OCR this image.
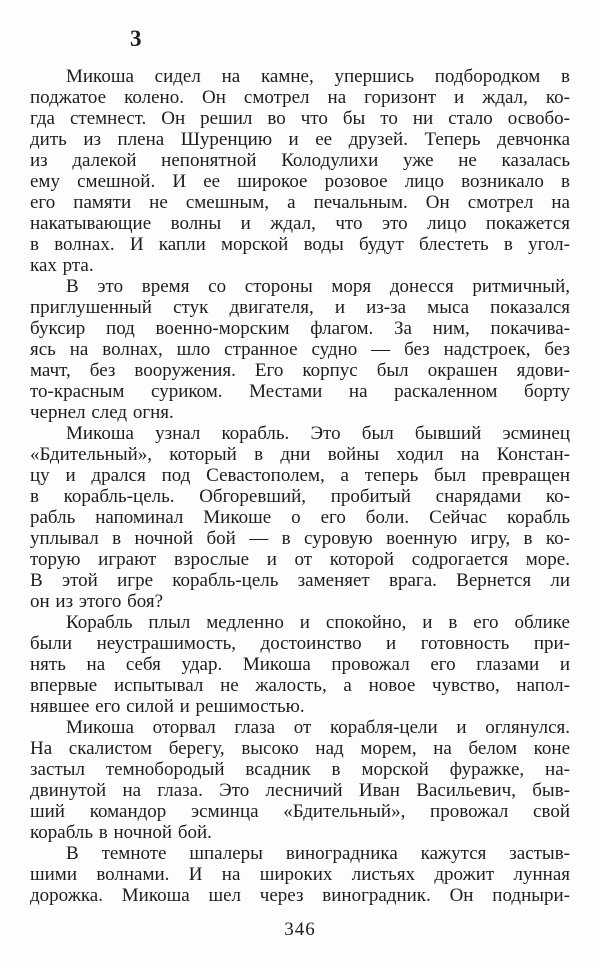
3
Микоша сидел на камне, упершись подбородком в
поджатое колено. Он смотрел на горизонт и ждал, ко-
гда стемнест. Он решил во что бы то ни стало освобо-
дить из плена Шуренцию и ее друзей. Теперь девчонка
из далекой непонятной Колодулихи уже не казалась
ему смешной. И ее широкое розовое лицо возникало в
его памяти не смешным, а печальным. Он смотрел на
накатывающие волны и ждал, что это лицо покажется
в волнах. И капли морской воды будут блестеть в угол-
ках рта.
В это время со стороны моря донесся ритмичный,
приглушенный стук двигателя, и из-за мыса показался
буксир под военно-морским флагом. За ним, покачива-
ясь на волнах, шло странное судно — без надстроек, без
мачт, без вооружения. Его корпус был окрашен ядови-
то-красным суриком. Местами на раскаленном борту
чернел след огня.
Микоша узнал корабль. Это был бывший эсминец
«Бдительный», который в дни войны ходил на Констан-
цу и дрался под Севастополем, а теперь был превращен
в корабль-цель. Обгоревший, пробитый снарядами ко-
рабль напоминал Микоше о его боли. Сейчас корабль
уплывал в ночной бой — в суровую военную игру, в ко-
торую играют взрослые и от которой содрогается море.
В этой игре корабль-цель заменяет врага. Вернется ли
он из этого боя?
Корабль плыл медленно и спокойно, и в его облике
были неустрашимость, достоинство и готовность при-
нять на себя удар. Микоша провожал его глазами и
впервые испытывал не жалость, а новое чувство, напол-
нявшее его силой и решимостью.
Микоша оторвал глаза от корабля-цели и оглянулся.
На скалистом берегу, высоко над морем, на белом коне
застыл темнобородый всадник в морской фуражке, на-
двинутой на глаза. Это лесничий Иван Васильевич, быв-
ший командор эсминца «Бдительный», провожал свой
корабль в ночной бой.
В темноте шпалеры виноградника кажутся застыв-
шими волнами. И на широких листьях дрожит лунная
дорожка. Микоша шел через виноградник. Он подныри-
346
